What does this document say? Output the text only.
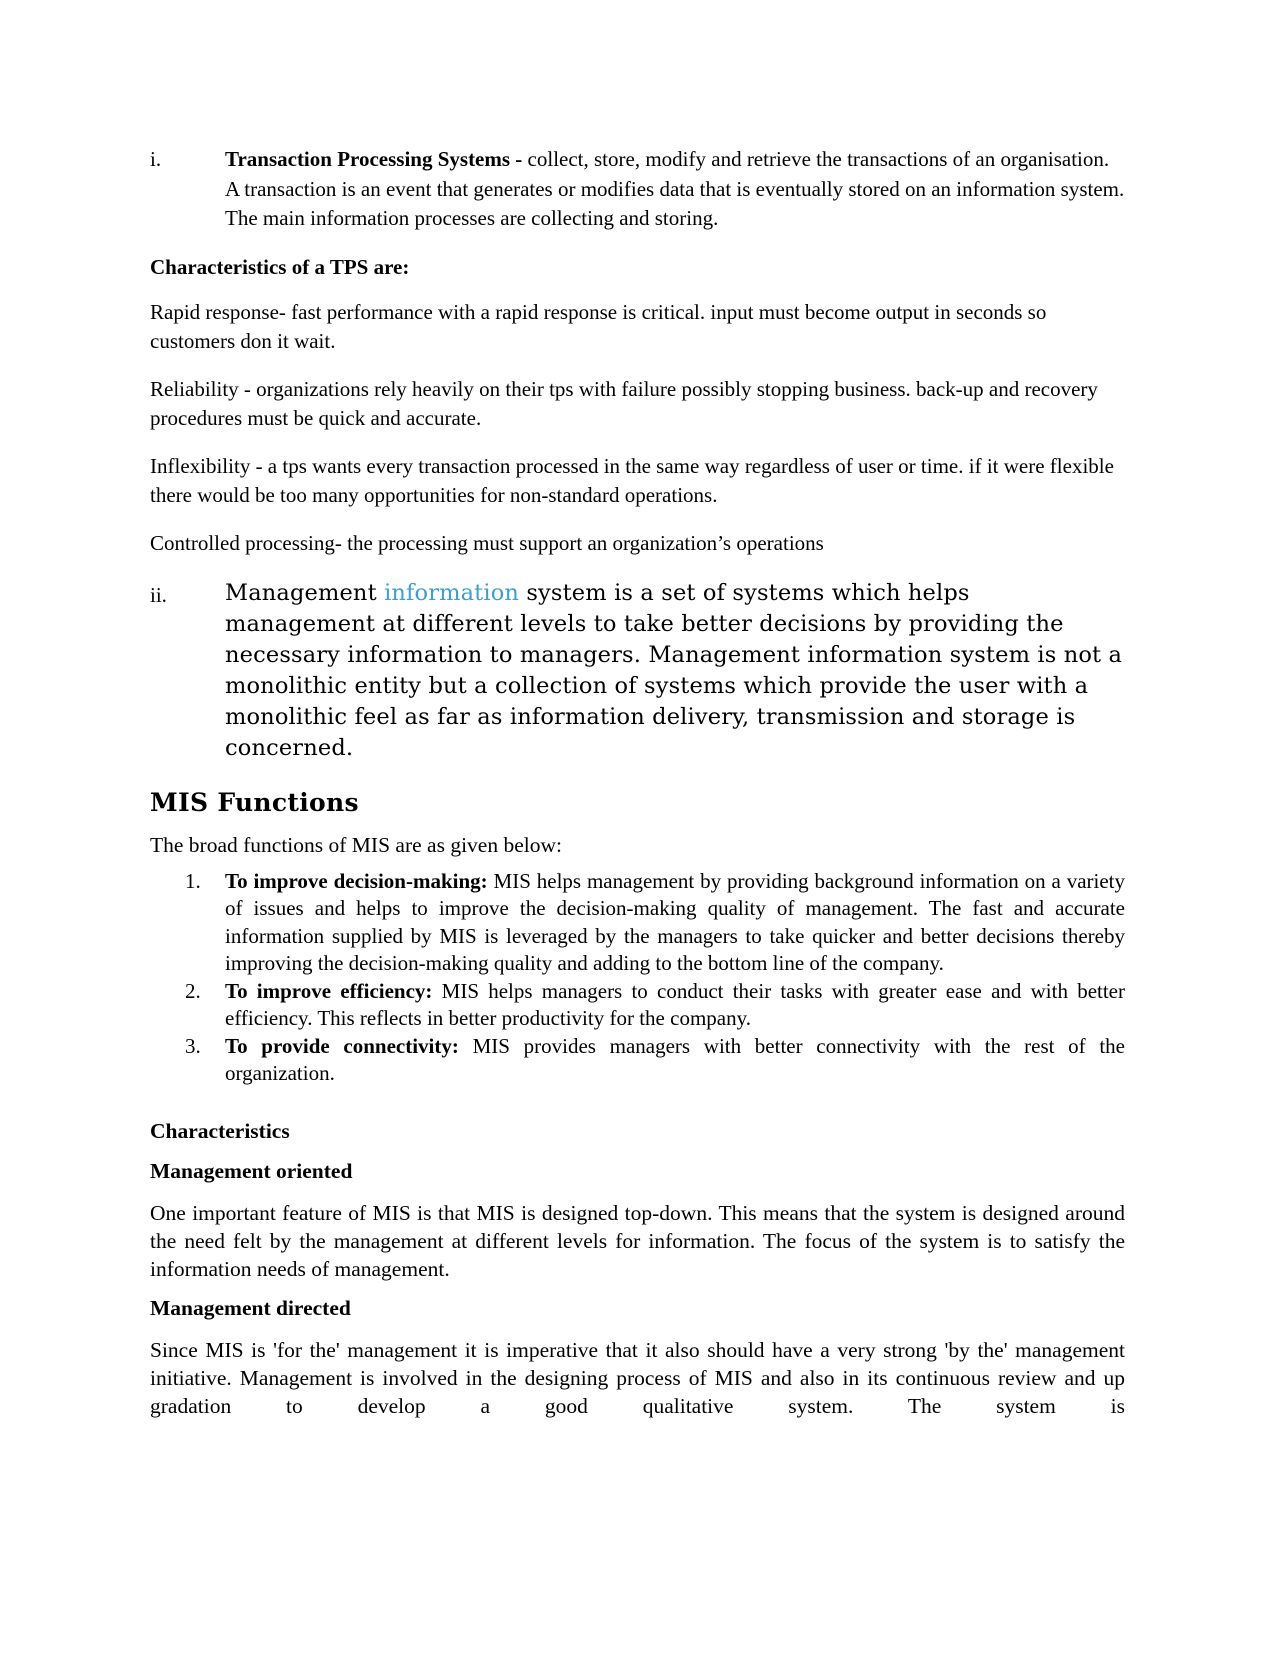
i.	Transaction Processing Systems - collect, store, modify and retrieve the transactions of an organisation. A transaction is an event that generates or modifies data that is eventually stored on an information system. The main information processes are collecting and storing.

Characteristics of a TPS are:

Rapid response- fast performance with a rapid response is critical. input must become output in seconds so customers don it wait.

Reliability - organizations rely heavily on their tps with failure possibly stopping business. back-up and recovery procedures must be quick and accurate.

Inflexibility - a tps wants every transaction processed in the same way regardless of user or time. if it were flexible there would be too many opportunities for non-standard operations.

Controlled processing- the processing must support an organization’s operations

ii.	Management information system is a set of systems which helps management at different levels to take better decisions by providing the necessary information to managers. Management information system is not a monolithic entity but a collection of systems which provide the user with a monolithic feel as far as information delivery, transmission and storage is concerned.

MIS Functions

The broad functions of MIS are as given below:

1. To improve decision-making: MIS helps management by providing background information on a variety of issues and helps to improve the decision-making quality of management. The fast and accurate information supplied by MIS is leveraged by the managers to take quicker and better decisions thereby improving the decision-making quality and adding to the bottom line of the company.
2. To improve efficiency: MIS helps managers to conduct their tasks with greater ease and with better efficiency. This reflects in better productivity for the company.
3. To provide connectivity: MIS provides managers with better connectivity with the rest of the organization.

Characteristics

Management oriented

One important feature of MIS is that MIS is designed top-down. This means that the system is designed around the need felt by the management at different levels for information. The focus of the system is to satisfy the information needs of management.

Management directed

Since MIS is 'for the' management it is imperative that it also should have a very strong 'by the' management initiative. Management is involved in the designing process of MIS and also in its continuous review and up gradation to develop a good qualitative system. The system is
